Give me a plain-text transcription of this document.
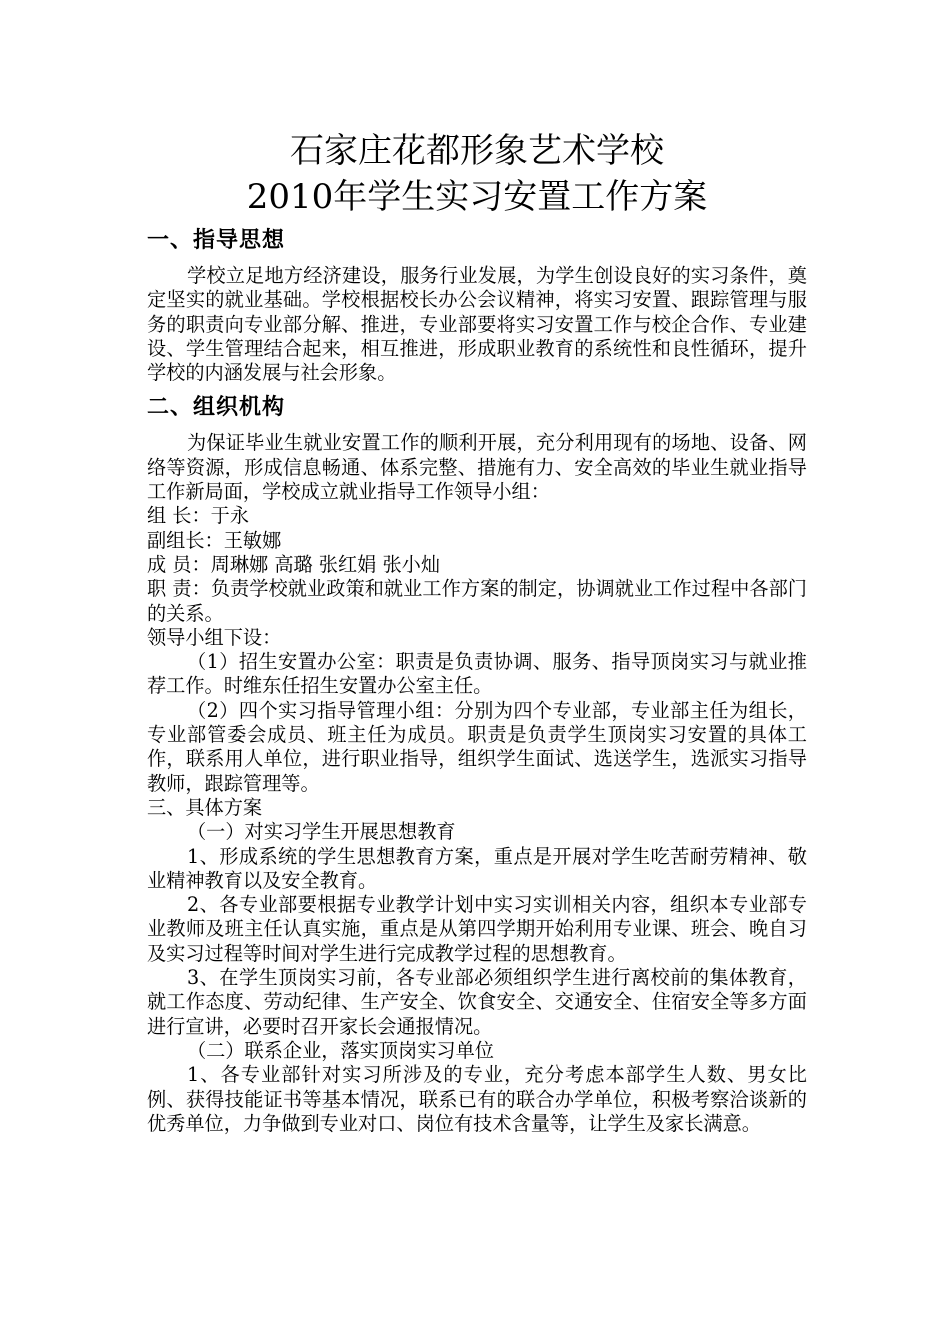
石家庄花都形象艺术学校

2010年学生实习安置工作方案

一、指导思想

学校立足地方经济建设，服务行业发展，为学生创设良好的实习条件，奠定坚实的就业基础。学校根据校长办公会议精神，将实习安置、跟踪管理与服务的职责向专业部分解、推进，专业部要将实习安置工作与校企合作、专业建设、学生管理结合起来，相互推进，形成职业教育的系统性和良性循环，提升学校的内涵发展与社会形象。

二、组织机构

为保证毕业生就业安置工作的顺利开展，充分利用现有的场地、设备、网络等资源，形成信息畅通、体系完整、措施有力、安全高效的毕业生就业指导工作新局面，学校成立就业指导工作领导小组：

组 长：于永

副组长：王敏娜

成 员：周琳娜 高璐 张红娟 张小灿

职 责：负责学校就业政策和就业工作方案的制定，协调就业工作过程中各部门的关系。

领导小组下设：

（1）招生安置办公室：职责是负责协调、服务、指导顶岗实习与就业推荐工作。时维东任招生安置办公室主任。

（2）四个实习指导管理小组：分别为四个专业部，专业部主任为组长，专业部管委会成员、班主任为成员。职责是负责学生顶岗实习安置的具体工作，联系用人单位，进行职业指导，组织学生面试、选送学生，选派实习指导教师，跟踪管理等。

三、具体方案

（一）对实习学生开展思想教育

1、形成系统的学生思想教育方案，重点是开展对学生吃苦耐劳精神、敬业精神教育以及安全教育。

2、各专业部要根据专业教学计划中实习实训相关内容，组织本专业部专业教师及班主任认真实施，重点是从第四学期开始利用专业课、班会、晚自习及实习过程等时间对学生进行完成教学过程的思想教育。

3、在学生顶岗实习前，各专业部必须组织学生进行离校前的集体教育，就工作态度、劳动纪律、生产安全、饮食安全、交通安全、住宿安全等多方面进行宣讲，必要时召开家长会通报情况。

（二）联系企业，落实顶岗实习单位

1、各专业部针对实习所涉及的专业，充分考虑本部学生人数、男女比例、获得技能证书等基本情况，联系已有的联合办学单位，积极考察洽谈新的优秀单位，力争做到专业对口、岗位有技术含量等，让学生及家长满意。
